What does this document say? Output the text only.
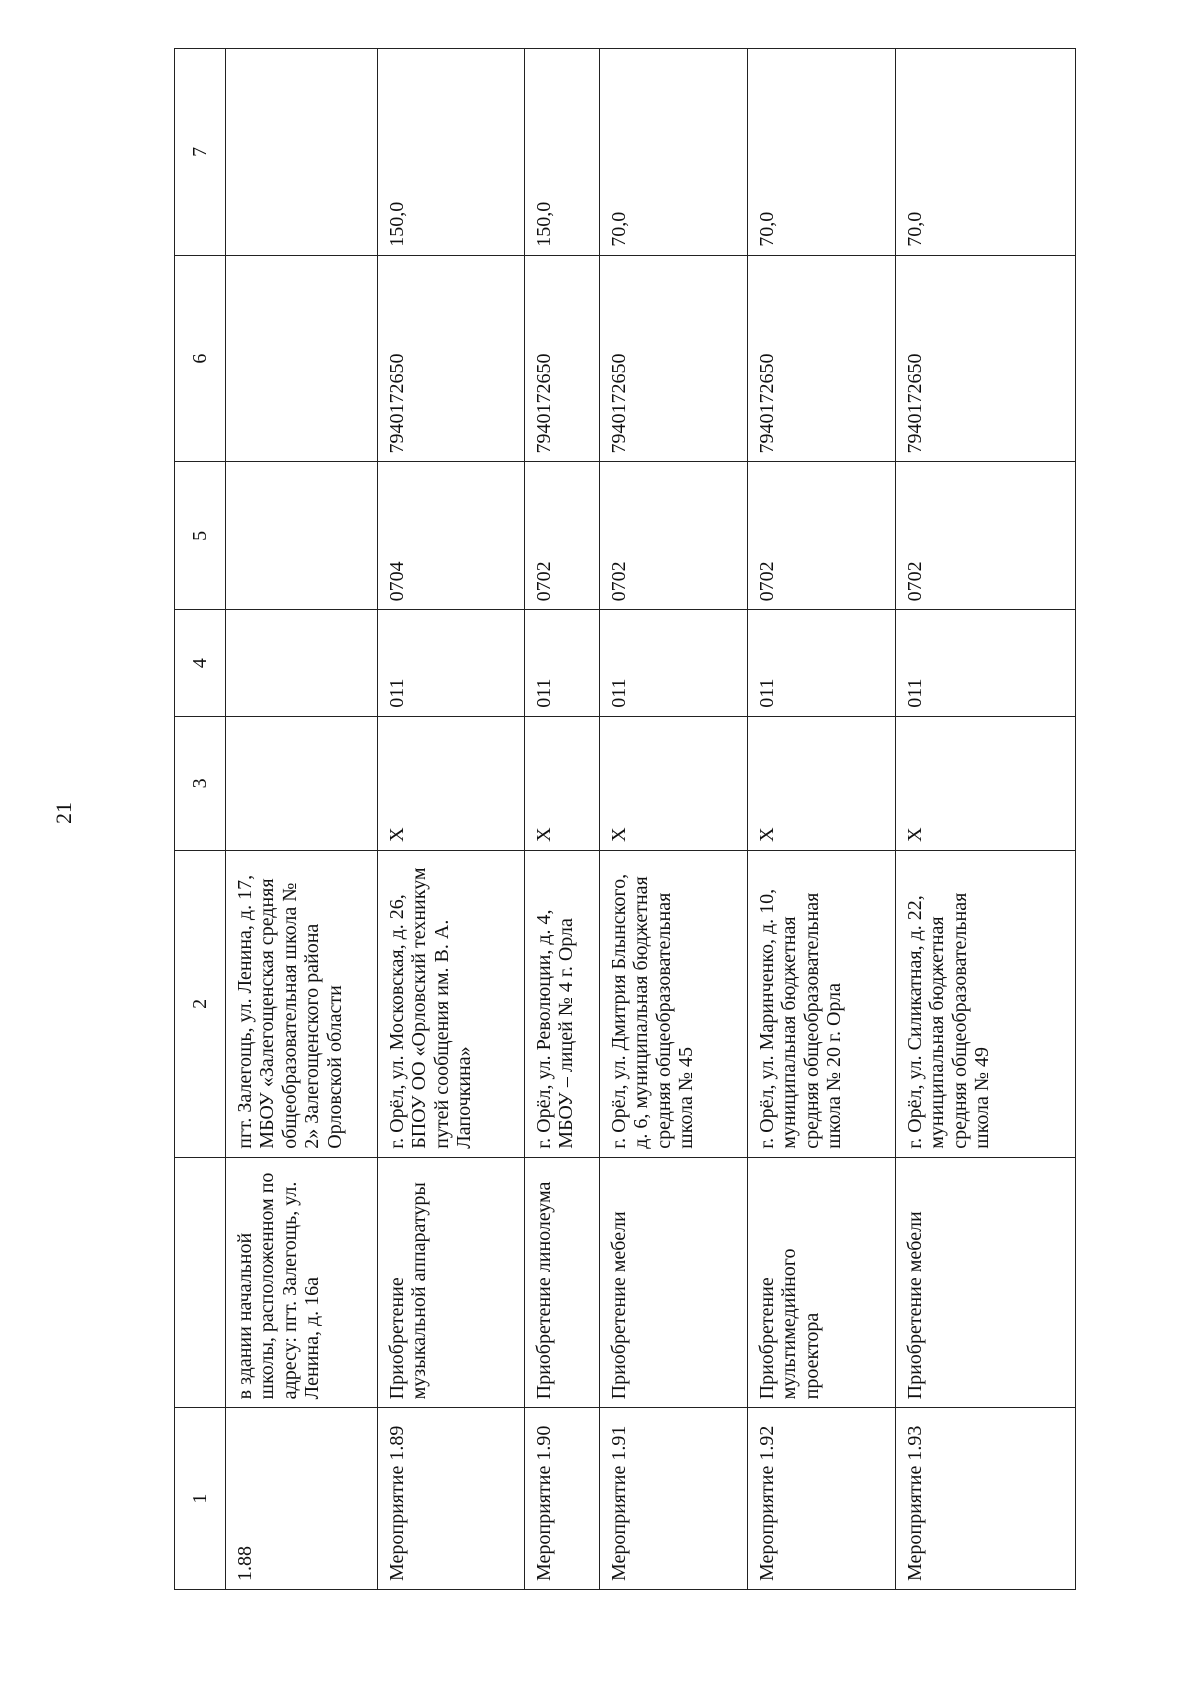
21
1		2	3	4	5	6	7
1.88	в здании начальной школы, расположенном по адресу: пгт. Залегощь, ул. Ленина, д. 16а	пгт. Залегощь, ул. Ленина, д. 17, МБОУ «Залегощенская средняя общеобразовательная школа № 2» Залегощенского района Орловской области					
Мероприятие 1.89	Приобретение музыкальной аппаратуры	г. Орёл, ул. Московская, д. 26, БПОУ ОО «Орловский техникум путей сообщения им. В. А. Лапочкина»	Х	011	0704	7940172650	150,0
Мероприятие 1.90	Приобретение линолеума	г. Орёл, ул. Революции, д. 4, МБОУ – лицей № 4 г. Орла	Х	011	0702	7940172650	150,0
Мероприятие 1.91	Приобретение мебели	г. Орёл, ул. Дмитрия Блынского, д. 6, муниципальная бюджетная средняя общеобразовательная школа № 45	Х	011	0702	7940172650	70,0
Мероприятие 1.92	Приобретение мультимедийного проектора	г. Орёл, ул. Маринченко, д. 10, муниципальная бюджетная средняя общеобразовательная школа № 20 г. Орла	Х	011	0702	7940172650	70,0
Мероприятие 1.93	Приобретение мебели	г. Орёл, ул. Силикатная, д. 22, муниципальная бюджетная средняя общеобразовательная школа № 49	Х	011	0702	7940172650	70,0
